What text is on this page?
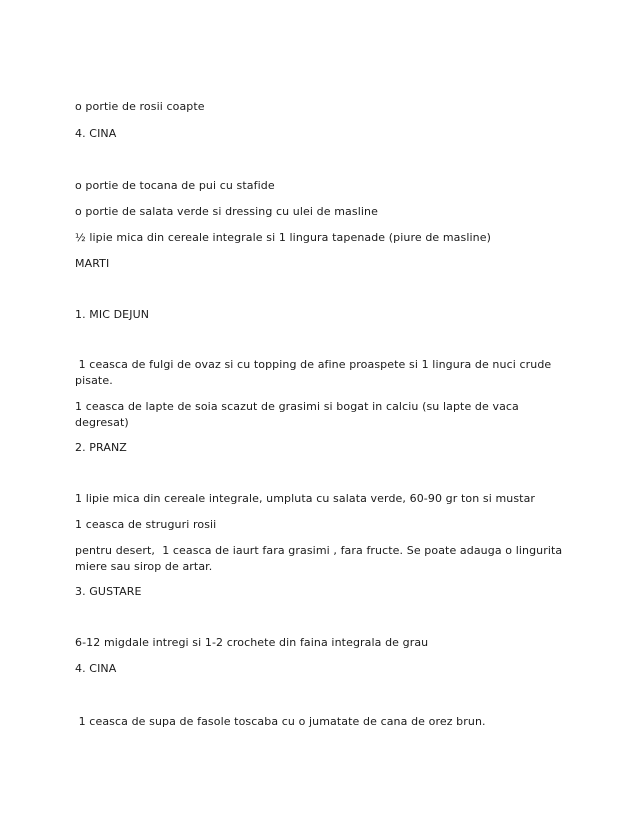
o portie de rosii coapte
4. CINA
o portie de tocana de pui cu stafide
o portie de salata verde si dressing cu ulei de masline
½ lipie mica din cereale integrale si 1 lingura tapenade (piure de masline)
MARTI
1. MIC DEJUN
1 ceasca de fulgi de ovaz si cu topping de afine proaspete si 1 lingura de nuci crude pisate.
1 ceasca de lapte de soia scazut de grasimi si bogat in calciu (su lapte de vaca degresat)
2. PRANZ
1 lipie mica din cereale integrale, umpluta cu salata verde, 60-90 gr ton si mustar
1 ceasca de struguri rosii
pentru desert,  1 ceasca de iaurt fara grasimi , fara fructe. Se poate adauga o lingurita miere sau sirop de artar.
3. GUSTARE
6-12 migdale intregi si 1-2 crochete din faina integrala de grau
4. CINA
1 ceasca de supa de fasole toscaba cu o jumatate de cana de orez brun.
